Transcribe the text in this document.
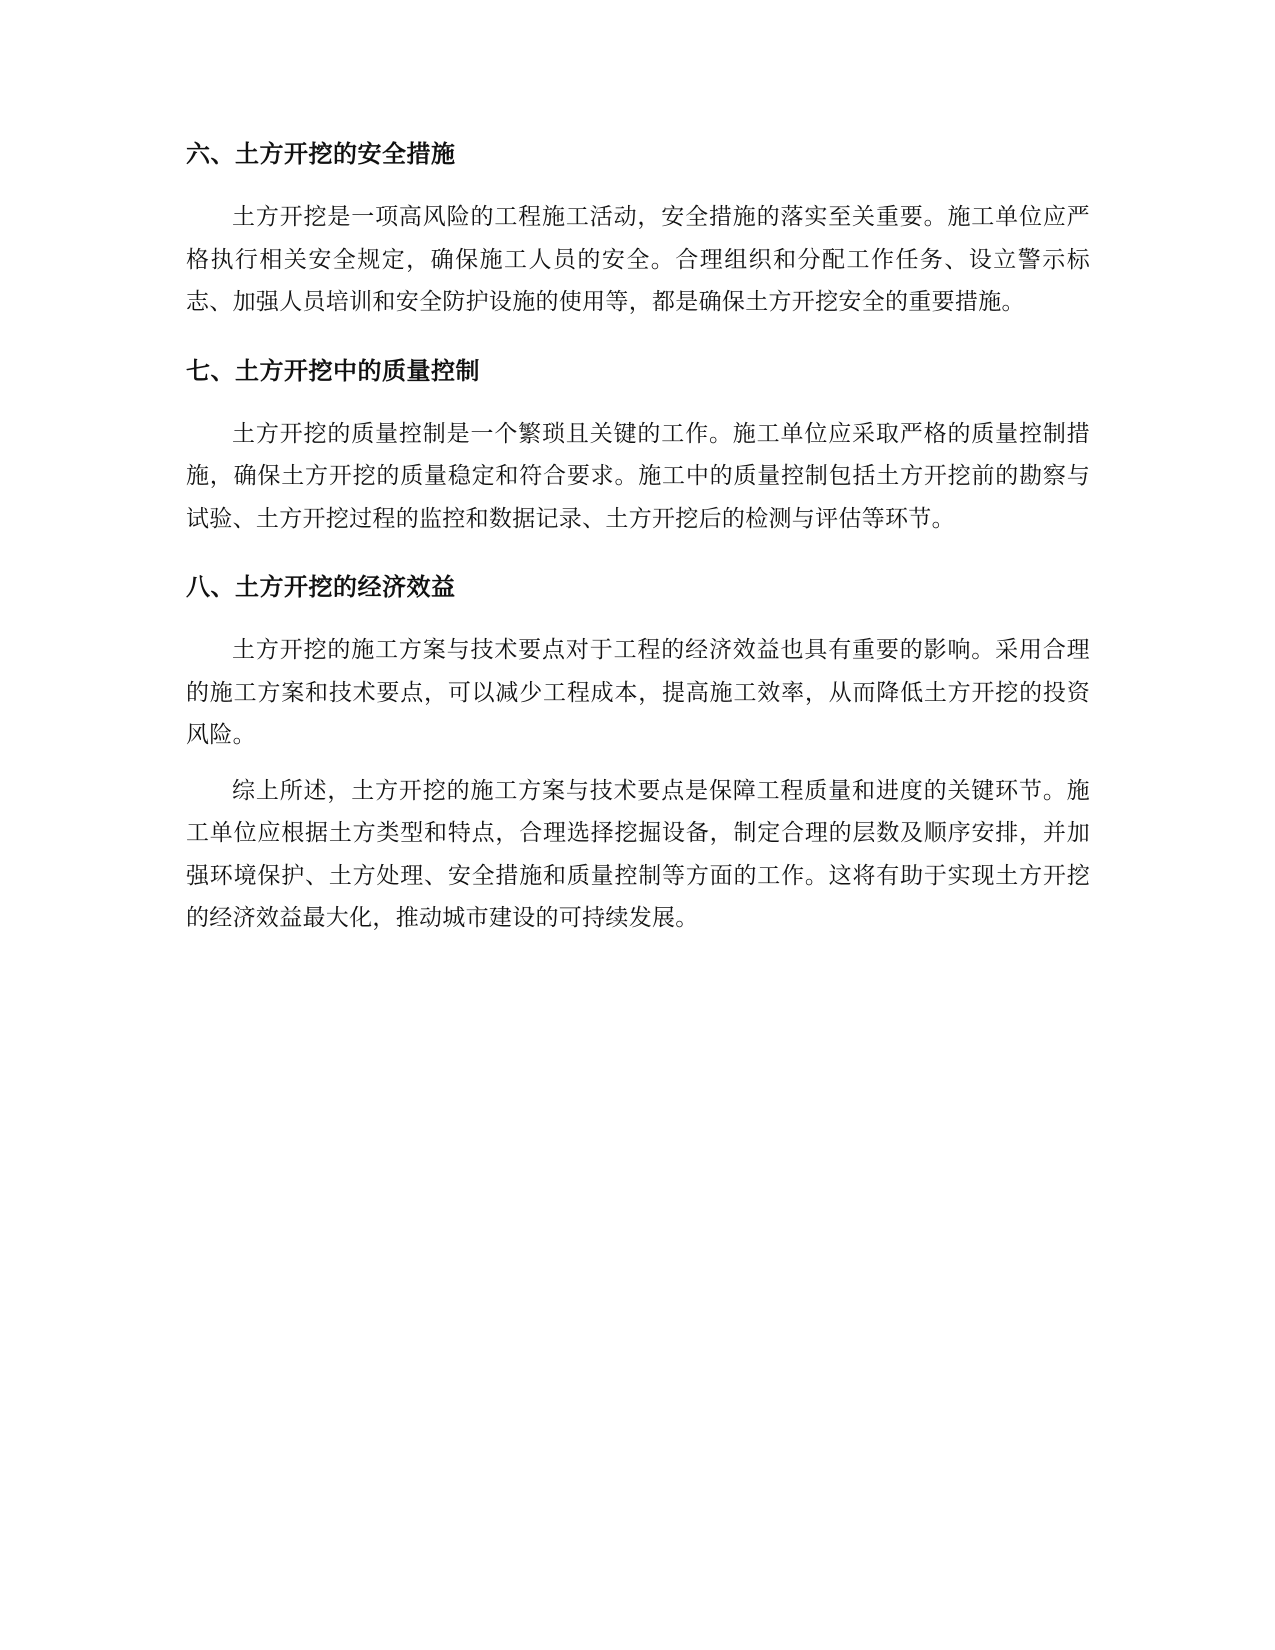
六、土方开挖的安全措施

土方开挖是一项高风险的工程施工活动，安全措施的落实至关重要。施工单位应严格执行相关安全规定，确保施工人员的安全。合理组织和分配工作任务、设立警示标志、加强人员培训和安全防护设施的使用等，都是确保土方开挖安全的重要措施。

七、土方开挖中的质量控制

土方开挖的质量控制是一个繁琐且关键的工作。施工单位应采取严格的质量控制措施，确保土方开挖的质量稳定和符合要求。施工中的质量控制包括土方开挖前的勘察与试验、土方开挖过程的监控和数据记录、土方开挖后的检测与评估等环节。

八、土方开挖的经济效益

土方开挖的施工方案与技术要点对于工程的经济效益也具有重要的影响。采用合理的施工方案和技术要点，可以减少工程成本，提高施工效率，从而降低土方开挖的投资风险。

综上所述，土方开挖的施工方案与技术要点是保障工程质量和进度的关键环节。施工单位应根据土方类型和特点，合理选择挖掘设备，制定合理的层数及顺序安排，并加强环境保护、土方处理、安全措施和质量控制等方面的工作。这将有助于实现土方开挖的经济效益最大化，推动城市建设的可持续发展。
